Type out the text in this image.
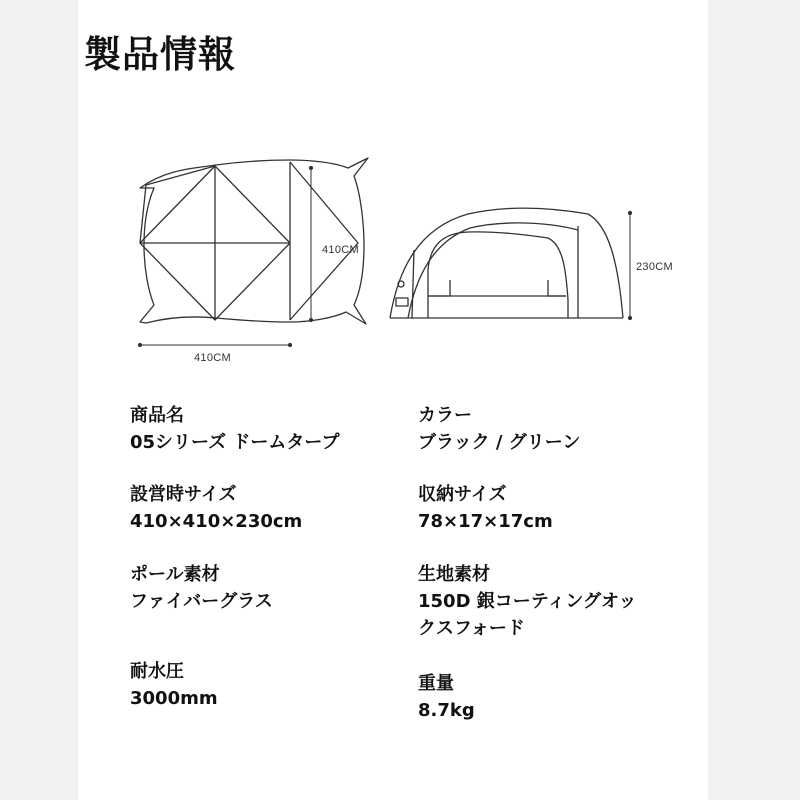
製品情報
410CM
410CM
230CM
商品名
05シリーズ ドームタープ
カラー
ブラック / グリーン
設営時サイズ
410×410×230cm
収納サイズ
78×17×17cm
ポール素材
ファイバーグラス
生地素材
150D 銀コーティングオッ
クスフォード
耐水圧
3000mm
重量
8.7kg
